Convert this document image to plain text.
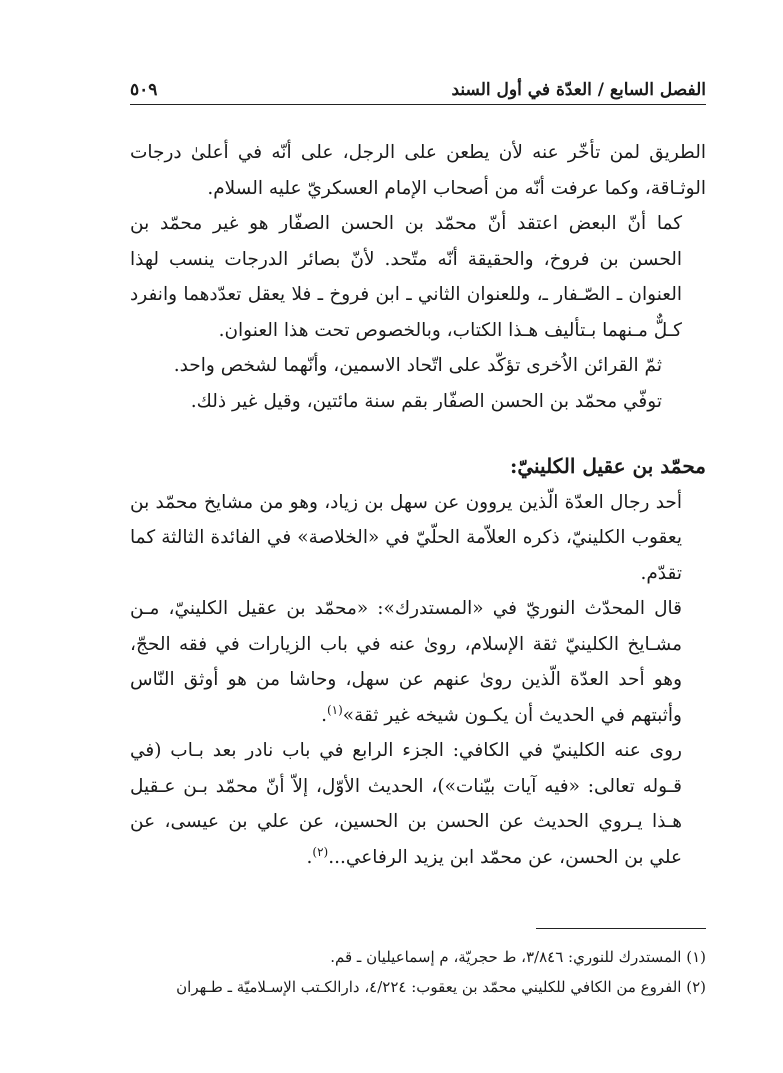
الفصل السابع / العدّة في أول السند
٥٠٩

الطريق لمن تأخّر عنه لأن يطعن على الرجل، على أنّه في أعلىٰ درجات الوثـاقة، وكما عرفت أنّه من أصحاب الإمام العسكريّ عليه السلام.

كما أنّ البعض اعتقد أنّ محمّد بن الحسن الصفّار هو غير محمّد بن الحسن بن فروخ، والحقيقة أنّه متّحد. لأنّ بصائر الدرجات ينسب لهذا العنوان ـ الصّـفار ـ، وللعنوان الثاني ـ ابن فروخ ـ فلا يعقل تعدّدهما وانفرد كـلٌّ مـنهما بـتأليف هـذا الكتاب، وبالخصوص تحت هذا العنوان.

ثمّ القرائن الاُخرى تؤكّد على اتّحاد الاسمين، وأنّهما لشخص واحد.

توفّي محمّد بن الحسن الصفّار بقم سنة مائتين، وقيل غير ذلك.

محمّد بن عقيل الكلينيّ:

أحد رجال العدّة الّذين يروون عن سهل بن زياد، وهو من مشايخ محمّد بن يعقوب الكلينيّ، ذكره العلاّمة الحلّيّ في «الخلاصة» في الفائدة الثالثة كما تقدّم.

قال المحدّث النوريّ في «المستدرك»: «محمّد بن عقيل الكلينيّ، مـن مشـايخ الكلينيّ ثقة الإسلام، روىٰ عنه في باب الزيارات في فقه الحجّ، وهو أحد العدّة الّذين روىٰ عنهم عن سهل، وحاشا من هو أوثق النّاس وأثبتهم في الحديث أن يكـون شيخه غير ثقة»$^{(١)}$.

روى عنه الكلينيّ في الكافي: الجزء الرابع في باب نادر بعد بـاب (في قـوله تعالى: «فيه آيات بيّنات»)، الحديث الأوّل، إلاّ أنّ محمّد بـن عـقيل هـذا يـروي الحديث عن الحسن بن الحسين، عن علي بن عيسى، عن علي بن الحسن، عن محمّد ابن يزيد الرفاعي...$^{(٢)}$.

(١) المستدرك للنوري: ٣/٨٤٦، ط حجريّة، م إسماعيليان ـ قم.

(٢) الفروع من الكافي للكليني محمّد بن يعقوب: ٤/٢٢٤، دارالكـتب الإسـلاميّة ـ طـهران
